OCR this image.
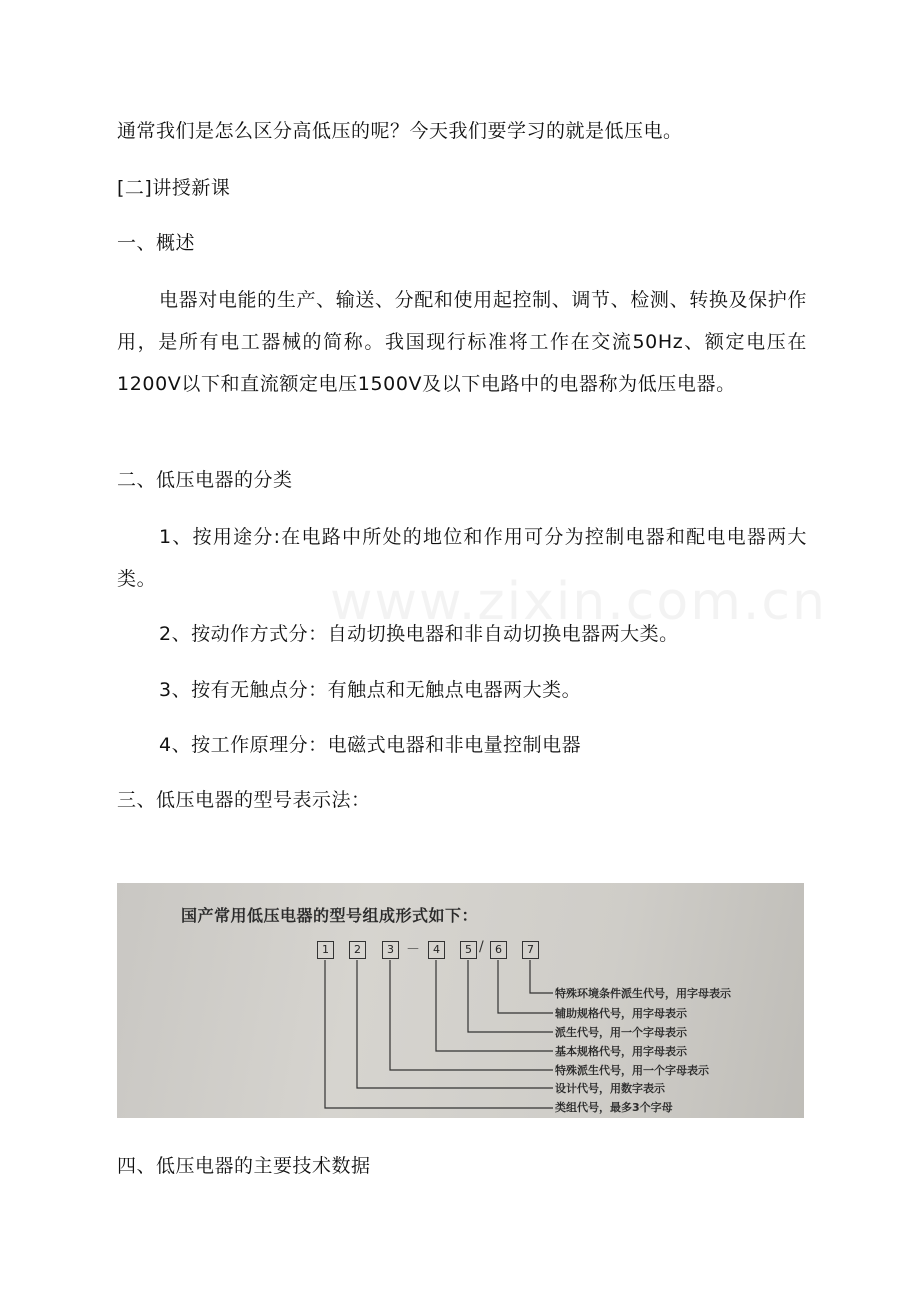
www.zixin.com.cn
通常我们是怎么区分高低压的呢？今天我们要学习的就是低压电。
[二]讲授新课
一、概述
电器对电能的生产、输送、分配和使用起控制、调节、检测、转换及保护作用，是所有电工器械的简称。我国现行标准将工作在交流50Hz、额定电压在1200V以下和直流额定电压1500V及以下电路中的电器称为低压电器。
二、低压电器的分类
1、按用途分:在电路中所处的地位和作用可分为控制电器和配电电器两大类。
2、按动作方式分：自动切换电器和非自动切换电器两大类。
3、按有无触点分：有触点和无触点电器两大类。
4、按工作原理分：电磁式电器和非电量控制电器
三、低压电器的型号表示法：
国产常用低压电器的型号组成形式如下：
1	2	3 －	4	5 /	6	7
特殊环境条件派生代号，用字母表示
辅助规格代号，用字母表示
派生代号，用一个字母表示
基本规格代号，用字母表示
特殊派生代号，用一个字母表示
设计代号，用数字表示
类组代号，最多3个字母
四、低压电器的主要技术数据
